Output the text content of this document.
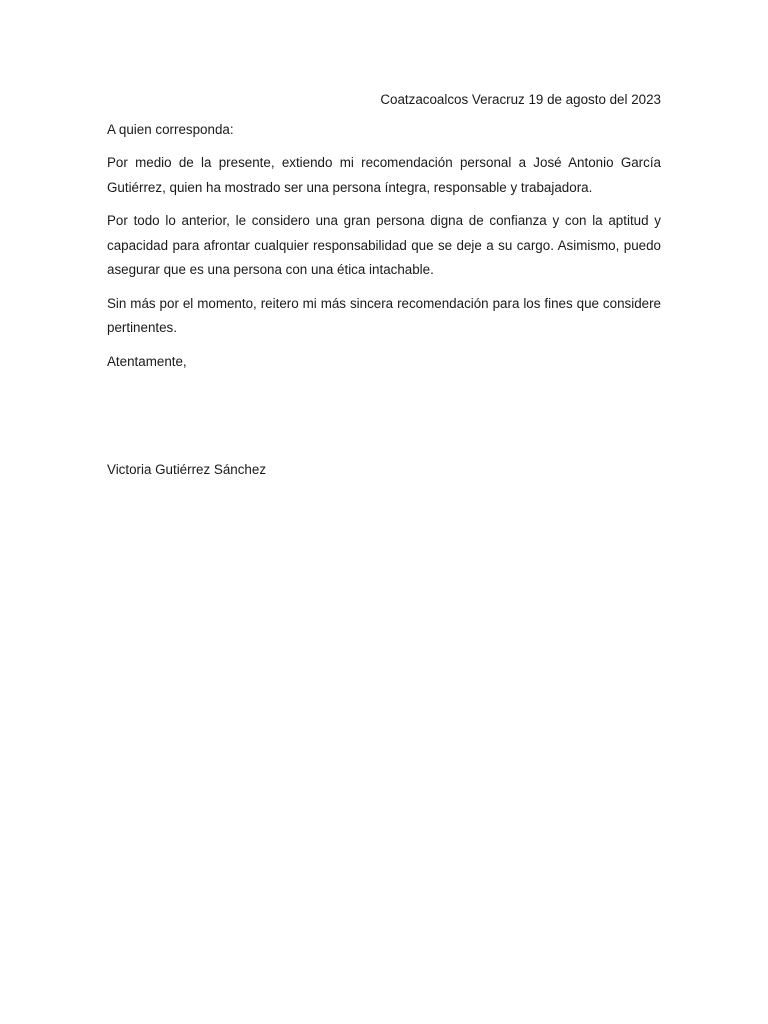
Coatzacoalcos Veracruz 19 de agosto del 2023

A quien corresponda:

Por medio de la presente, extiendo mi recomendación personal a José Antonio García Gutiérrez, quien ha mostrado ser una persona íntegra, responsable y trabajadora.

Por todo lo anterior, le considero una gran persona digna de confianza y con la aptitud y capacidad para afrontar cualquier responsabilidad que se deje a su cargo. Asimismo, puedo asegurar que es una persona con una ética intachable.

Sin más por el momento, reitero mi más sincera recomendación para los fines que considere pertinentes.

Atentamente,

Victoria Gutiérrez Sánchez
